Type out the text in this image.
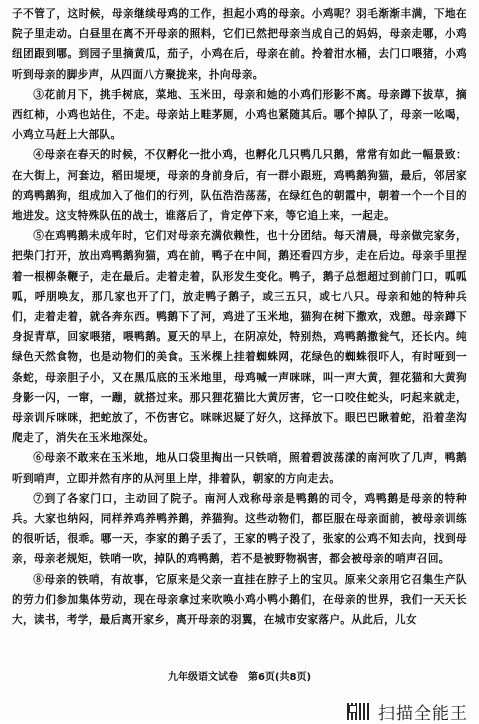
子不管了，这时候，母亲继续母鸡的工作，担起小鸡的母亲。小鸡呢？羽毛渐渐丰满，下地在院子里走动。白昼里在离不开母亲的照料，它们已然把母亲当成自己的妈妈，母亲走哪，小鸡纽团跟到哪。到园子里摘黄瓜，茄子，小鸡在后，母亲在前。拎着泔水桶，去门口喂猪，小鸡听到母亲的脚步声，从四面八方聚拢来，扑向母亲。

③花前月下，挑手树底，菜地、玉米田，母亲和她的小鸡们形影不离。母亲蹲下拔草，摘西红柿，小鸡也站住，不走。母亲站上畦茅厕，小鸡也紧随其后。哪个掉队了，母亲一吆喝，小鸡立马赶上大部队。

④母亲在春天的时候，不仅孵化一批小鸡，也孵化几只鸭几只鹅，常常有如此一幅景致：在大街上，河套边，稻田堤埂，母亲的身前身后，有一群小跟班，鸡鸭鹅狗猫，最后，邻居家的鸡鸭鹅狗，组成加入了他们的行列，队伍浩浩荡荡，在绿红色的朝霞中，朝着一个一个目的地进发。这支特殊队伍的战士，谁落后了，肯定停下来，等它追上来，一起走。

⑤在鸡鸭鹅未成年时，它们对母亲充满依赖性，也十分团结。每天清晨，母亲做完家务，把柴门打开，放出鸡鸭鹅狗猫，鸡在前，鸭子在中间，鹅还看四方步，走在后边。母亲手里捏着一根柳条鞭子，走在最后。走着走着，队形发生变化。鸭子，鹅子总想超过到前门口，呱呱呱，呼朋唤友，那几家也开了门，放走鸭子鹅子，或三五只，或七八只。母亲和她的特种兵们，走着走着，就各奔东西。鸭鹅下了河，鸡进了玉米地，猫狗在树下撒欢，戏憩。母亲蹲下身捉青草，回家喂猪，喂鸭鹅。夏天的早上，在阴凉处，特别热，鸡鸭鹅撒瓮气，还长内。纯绿色天然食物，也是动物们的美食。玉米棵上挂着蜘蛛网，花绿色的蜘蛛很吓人，有时哑到一条蛇，母亲胆子小，又在黑瓜底的玉米地里，母鸡喊一声咪咪，叫一声大黄，狸花猫和大黄狗身影一闪，一窜，一蹦，就搭过来。那只狸花猫比大黄厉害，它一口咬住蛇头，叼起来就走，母亲训斥咪咪，把蛇放了，不伤害它。咪咪迟疑了好久，这择放下。眼巴巴瞅着蛇，沿着垄沟爬走了，消失在玉米地深处。

⑥母亲不敢来在玉米地，地从口袋里掏出一只铁哨，照着碧波荡漾的南河吹了几声，鸭鹅听到哨声，立即并然有序的从河里上岸，排着队，朝家的方向走去。

⑦到了各家门口，主动回了院子。南河人戏称母亲是鸭鹅的司令，鸡鸭鹅是母亲的特种兵。大家也纳闷，同样养鸡养鸭养鹅，养猫狗。这些动物们，都臣服在母亲面前，被母亲训练的很听话，很乖。哪一天，李家的鹅子丢了，王家的鸭子没了，张家的公鸡不知去向，找到母亲，母亲老规矩，铁哨一吹，掉队的鸡鸭鹅，若不是被野物祸害，都会被母亲的哨声召回。

⑧母亲的铁哨，有故事，它原来是父亲一直挂在脖子上的宝贝。原来父亲用它召集生产队的劳力们参加集体劳动，现在母亲拿过来吹唤小鸡小鸭小鹅们，在母亲的世界，我们一天天长大，读书，考学，最后离开家乡，离开母亲的羽翼，在城市安家落户。从此后，儿女

九年级语文试卷　第6页(共8页)
扫描全能王
